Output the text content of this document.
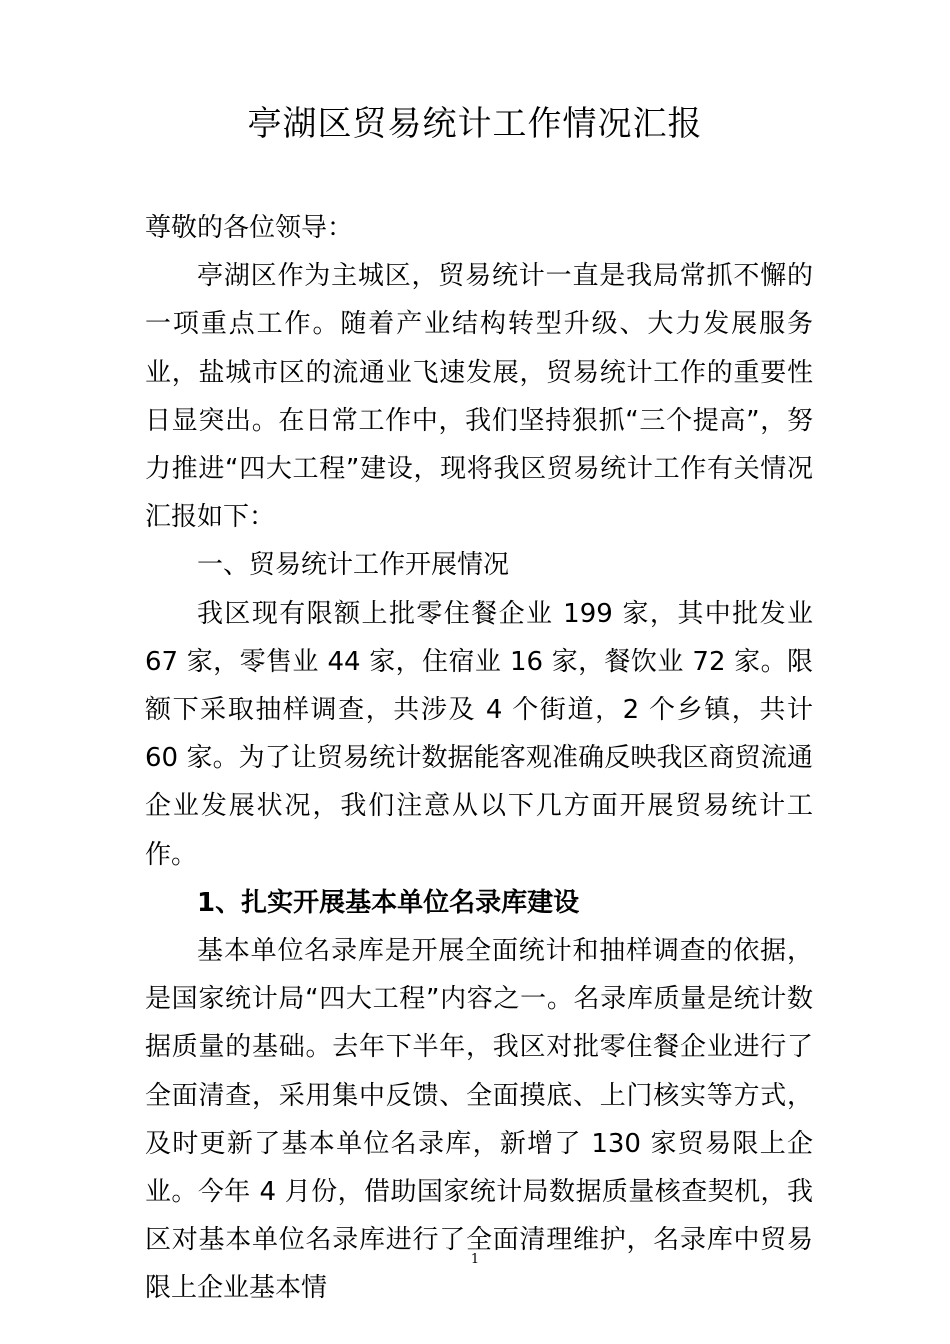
亭湖区贸易统计工作情况汇报

尊敬的各位领导：

亭湖区作为主城区，贸易统计一直是我局常抓不懈的一项重点工作。随着产业结构转型升级、大力发展服务业，盐城市区的流通业飞速发展，贸易统计工作的重要性日显突出。在日常工作中，我们坚持狠抓“三个提高”，努力推进“四大工程”建设，现将我区贸易统计工作有关情况汇报如下：

一、贸易统计工作开展情况

我区现有限额上批零住餐企业 199 家，其中批发业 67 家，零售业 44 家，住宿业 16 家，餐饮业 72 家。限额下采取抽样调查，共涉及 4 个街道，2 个乡镇，共计 60 家。为了让贸易统计数据能客观准确反映我区商贸流通企业发展状况，我们注意从以下几方面开展贸易统计工作。

1、扎实开展基本单位名录库建设

基本单位名录库是开展全面统计和抽样调查的依据，是国家统计局“四大工程”内容之一。名录库质量是统计数据质量的基础。去年下半年，我区对批零住餐企业进行了全面清查，采用集中反馈、全面摸底、上门核实等方式，及时更新了基本单位名录库，新增了 130 家贸易限上企业。今年 4 月份，借助国家统计局数据质量核查契机，我区对基本单位名录库进行了全面清理维护，名录库中贸易限上企业基本情

1
